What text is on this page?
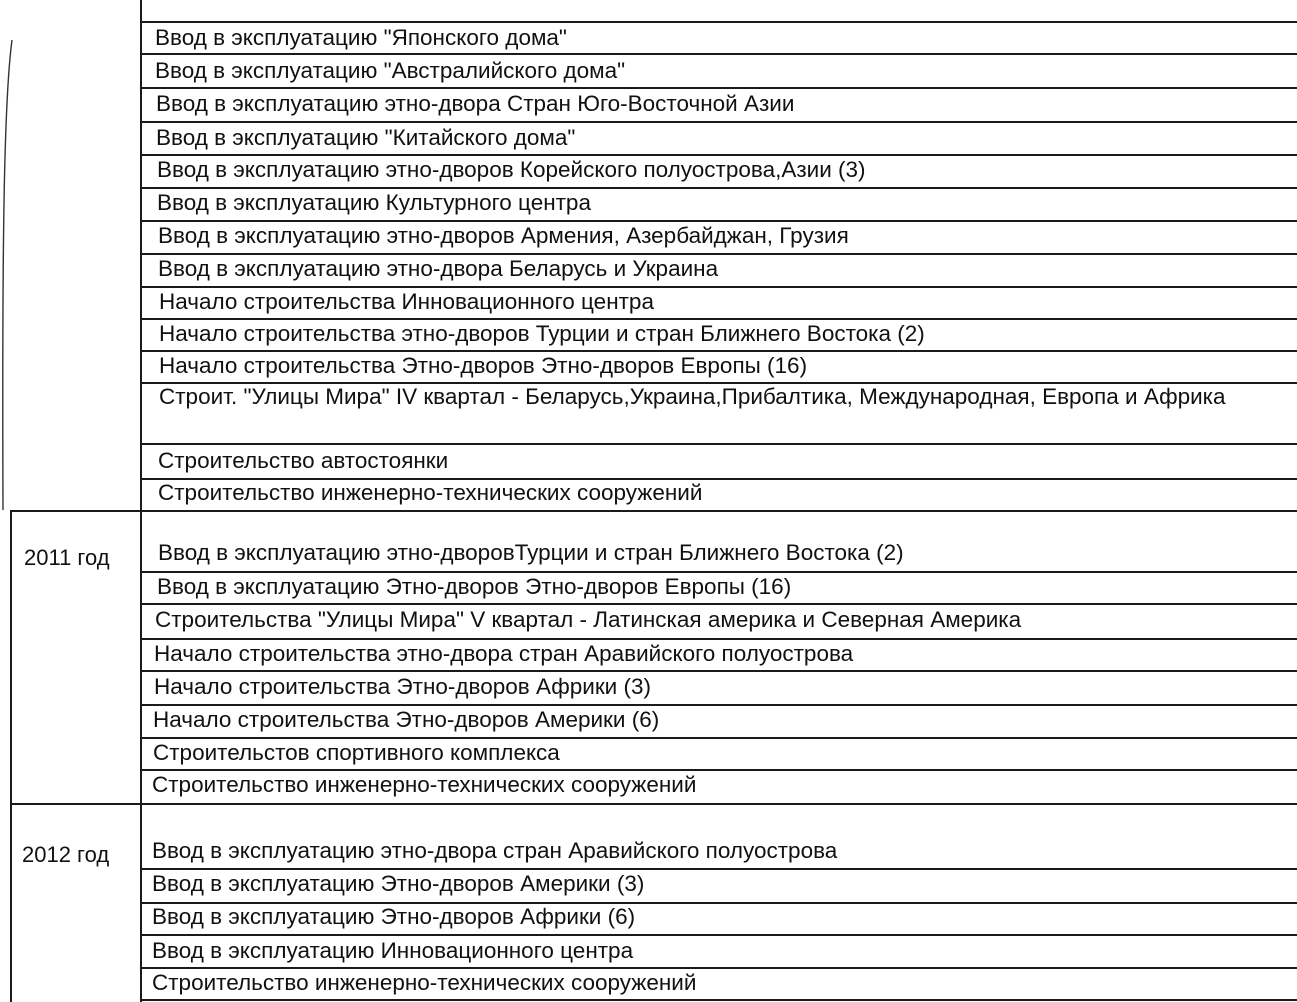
Ввод в эксплуатацию "Японского дома"
Ввод в эксплуатацию "Австралийского дома"
Ввод в эксплуатацию этно-двора Стран Юго-Восточной Азии
Ввод в эксплуатацию "Китайского дома"
Ввод в эксплуатацию этно-дворов Корейского полуострова,Азии (3)
Ввод в эксплуатацию Культурного центра
Ввод в эксплуатацию этно-дворов Армения, Азербайджан, Грузия
Ввод в эксплуатацию этно-двора Беларусь и Украина
Начало строительства Инновационного центра
Начало строительства этно-дворов Турции и стран Ближнего Востока (2)
Начало строительства Этно-дворов Этно-дворов Европы (16)
Строит. "Улицы Мира" IV квартал - Беларусь,Украина,Прибалтика, Международная, Европа и Африка
Строительство автостоянки
Строительство инженерно-технических сооружений
2011 год Ввод в эксплуатацию этно-дворовТурции и стран Ближнего Востока (2)
Ввод в эксплуатацию Этно-дворов Этно-дворов Европы (16)
Строительства "Улицы Мира" V квартал - Латинская америка и Северная Америка
Начало строительства этно-двора стран Аравийского полуострова
Начало строительства Этно-дворов Африки (3)
Начало строительства Этно-дворов Америки (6)
Строительстов спортивного комплекса
Строительство инженерно-технических сооружений
2012 год Ввод в эксплуатацию этно-двора стран Аравийского полуострова
Ввод в эксплуатацию Этно-дворов Америки (3)
Ввод в эксплуатацию Этно-дворов Африки (6)
Ввод в эксплуатацию Инновационного центра
Строительство инженерно-технических сооружений
